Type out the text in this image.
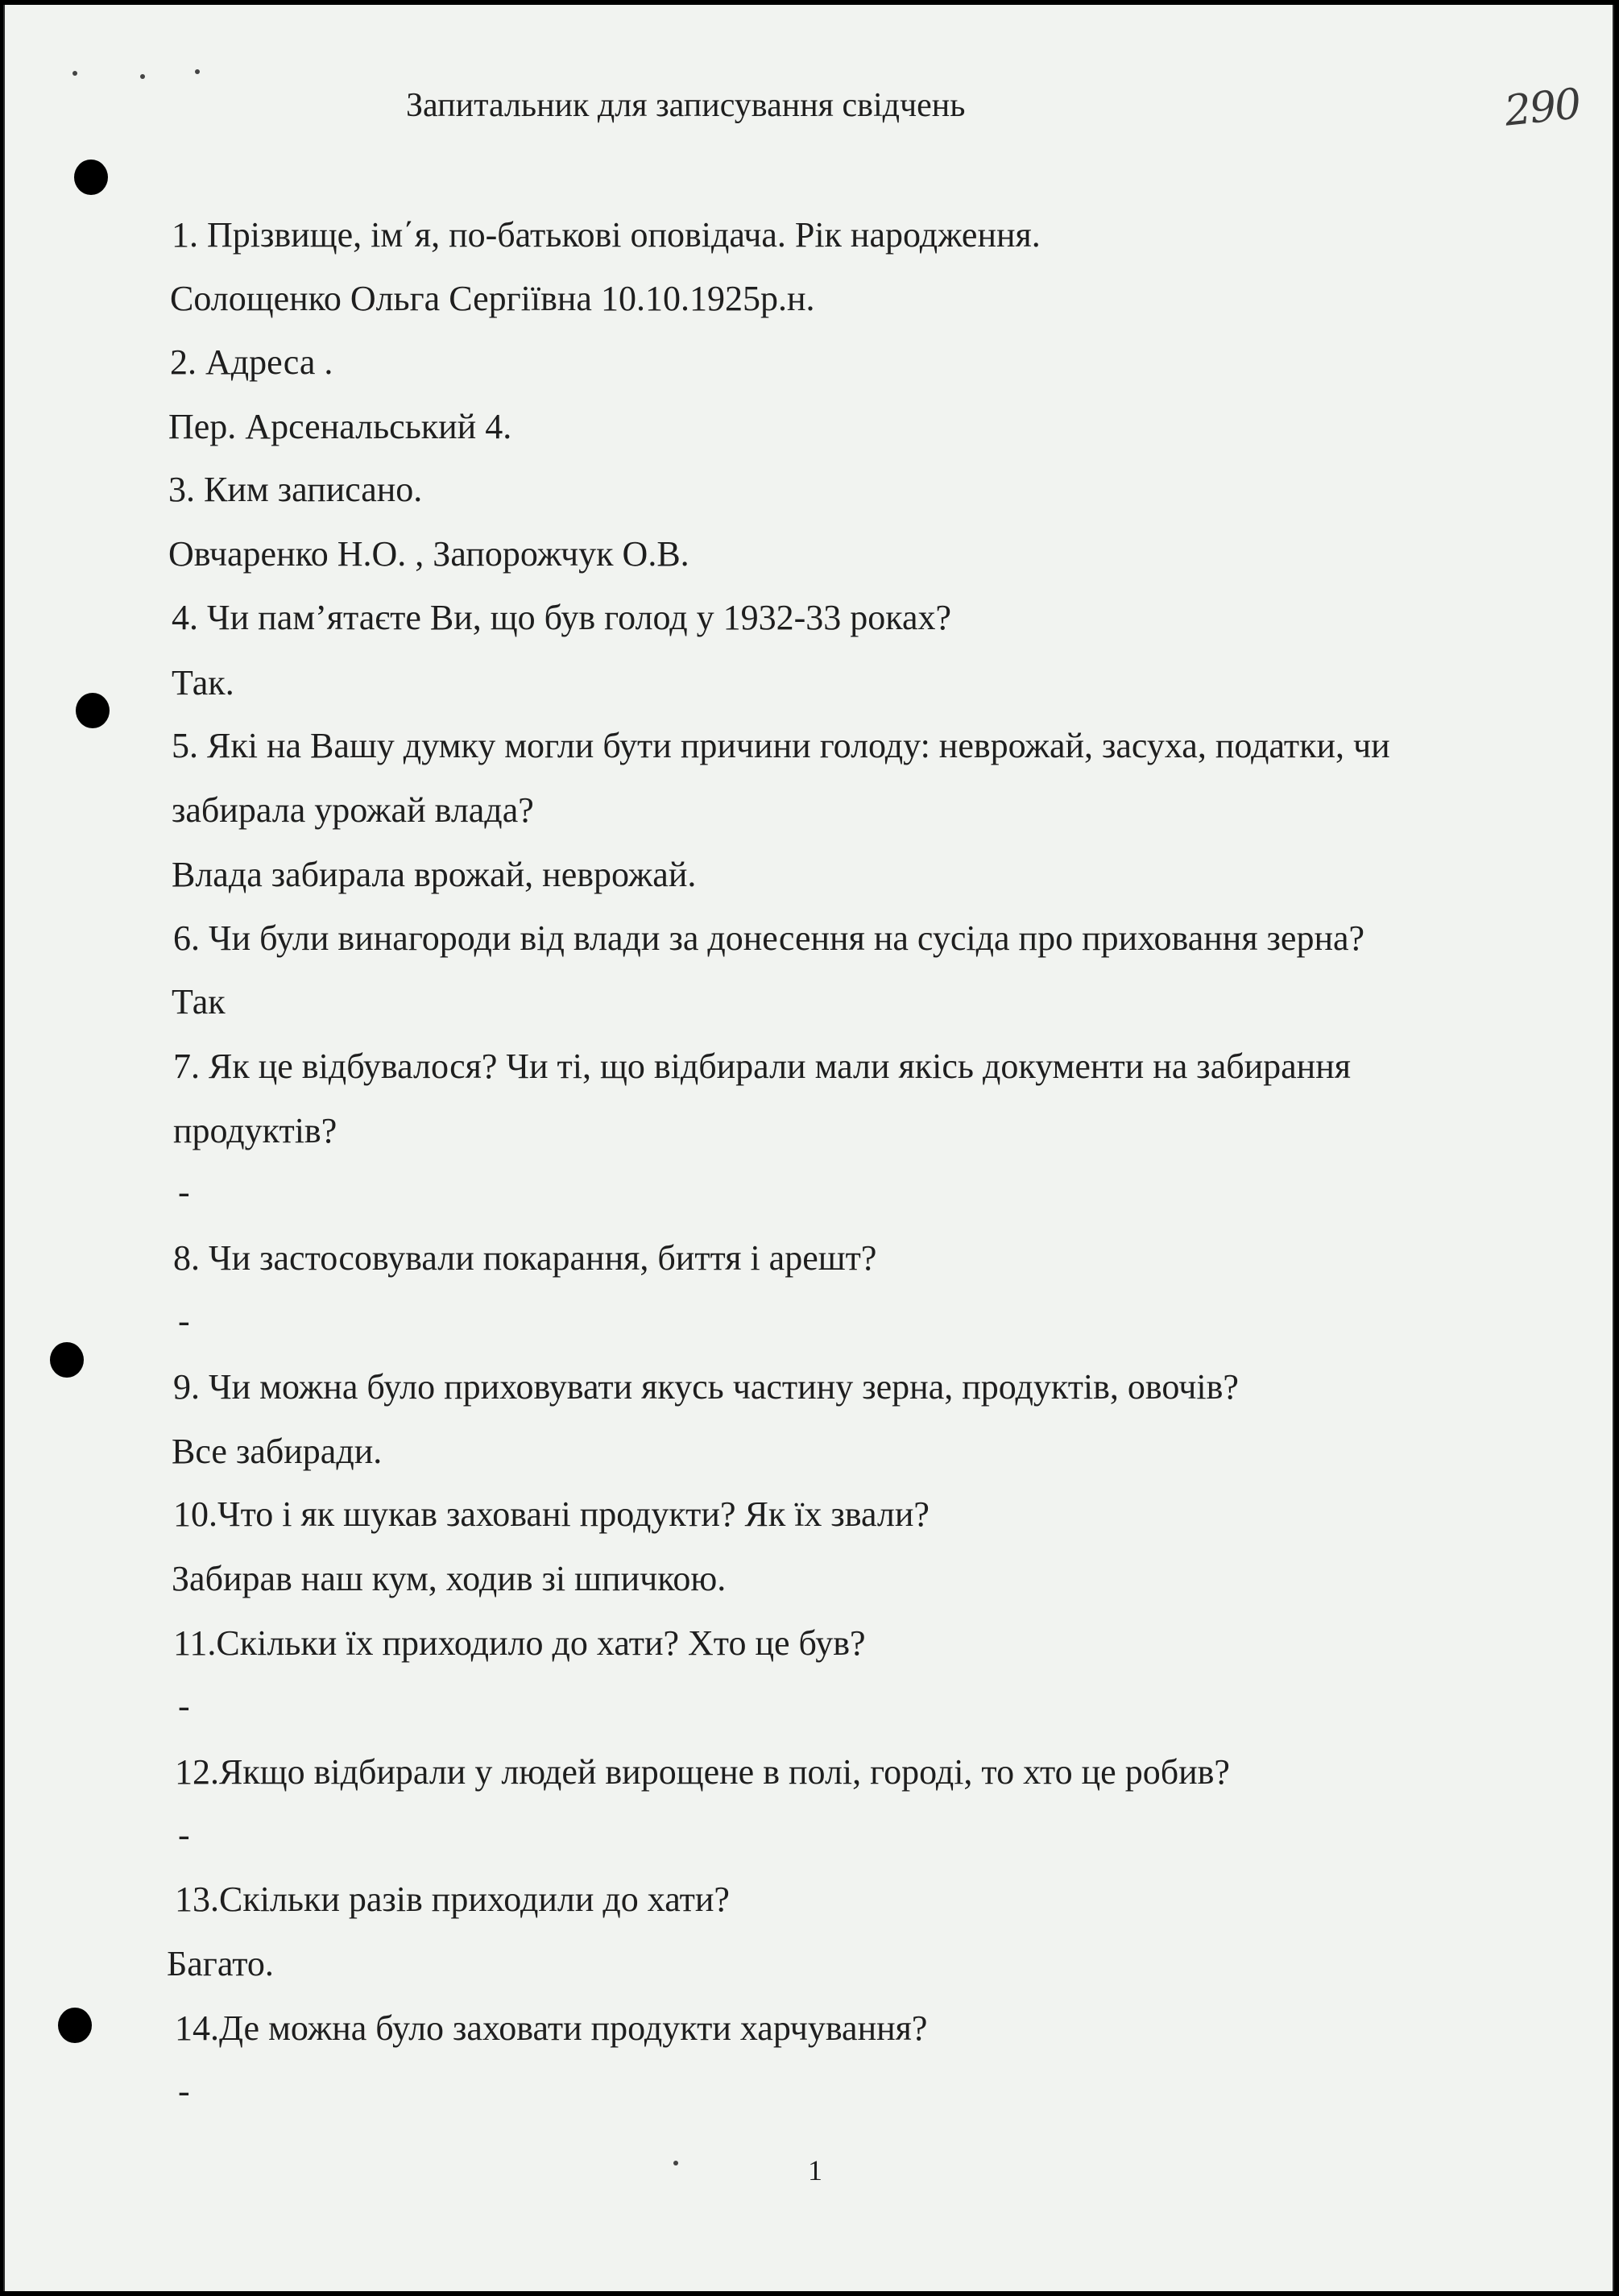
Запитальник для записування свідчень	290
1. Прізвище, ім΄я, по-батькові оповідача. Рік народження.
Солощенко Ольга Сергіївна 10.10.1925р.н.
2. Адреса .
Пер. Арсенальський 4.
3. Ким записано.
Овчаренко Н.О. , Запорожчук О.В.
4. Чи пам’ятаєте Ви, що був голод у 1932-33 роках?
Так.
5. Які на Вашу думку могли бути причини голоду: неврожай, засуха, податки, чи
забирала урожай влада?
Влада забирала врожай, неврожай.
6. Чи були винагороди від влади за донесення на сусіда про приховання зерна?
Так
7. Як це відбувалося? Чи ті, що відбирали мали якісь документи на забирання
продуктів?
-
8. Чи застосовували покарання, биття і арешт?
-
9. Чи можна було приховувати якусь частину зерна, продуктів, овочів?
Все забиради.
10.Что і як шукав заховані продукти? Як їх звали?
Забирав наш кум, ходив зі шпичкою.
11.Скільки їх приходило до хати? Хто це був?
-
12.Якщо відбирали у людей вирощене в полі, городі, то хто це робив?
-
13.Скільки разів приходили до хати?
Багато.
14.Де можна було заховати продукти харчування?
-
1
